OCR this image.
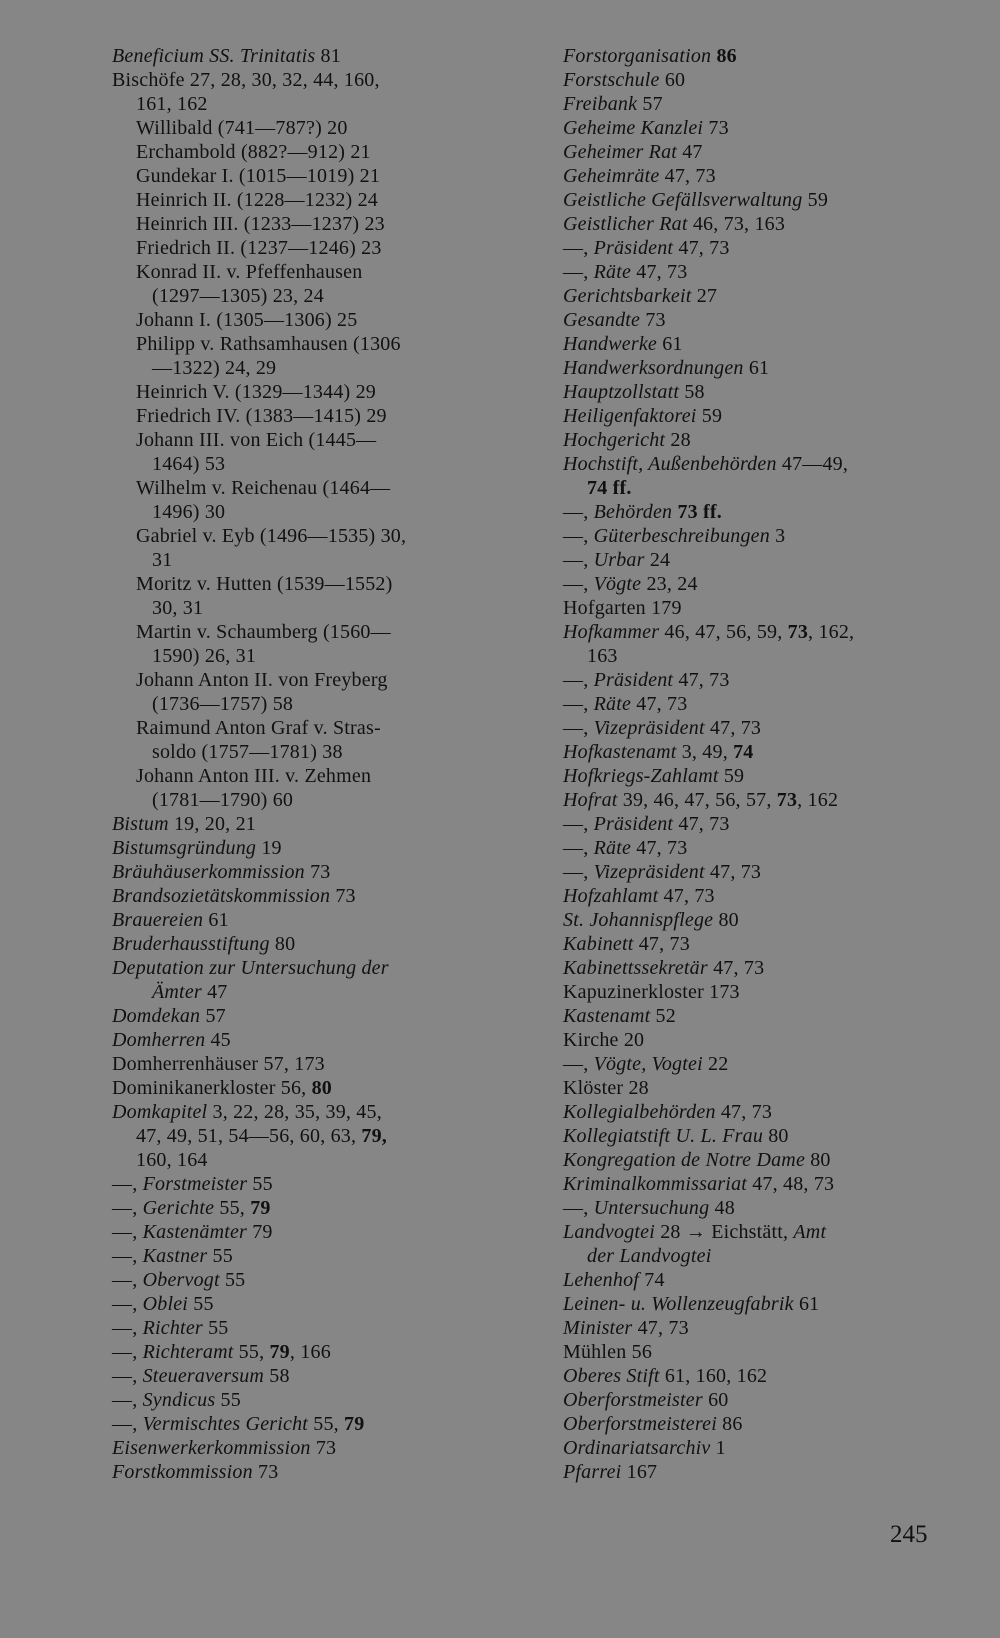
Beneficium SS. Trinitatis 81
Bischöfe 27, 28, 30, 32, 44, 160,
161, 162
Willibald (741—787?) 20
Erchambold (882?—912) 21
Gundekar I. (1015—1019) 21
Heinrich II. (1228—1232) 24
Heinrich III. (1233—1237) 23
Friedrich II. (1237—1246) 23
Konrad II. v. Pfeffenhausen
(1297—1305) 23, 24
Johann I. (1305—1306) 25
Philipp v. Rathsamhausen (1306
—1322) 24, 29
Heinrich V. (1329—1344) 29
Friedrich IV. (1383—1415) 29
Johann III. von Eich (1445—
1464) 53
Wilhelm v. Reichenau (1464—
1496) 30
Gabriel v. Eyb (1496—1535) 30,
31
Moritz v. Hutten (1539—1552)
30, 31
Martin v. Schaumberg (1560—
1590) 26, 31
Johann Anton II. von Freyberg
(1736—1757) 58
Raimund Anton Graf v. Stras-
soldo (1757—1781) 38
Johann Anton III. v. Zehmen
(1781—1790) 60
Bistum 19, 20, 21
Bistumsgründung 19
Bräuhäuserkommission 73
Brandsozietätskommission 73
Brauereien 61
Bruderhausstiftung 80
Deputation zur Untersuchung der
Ämter 47
Domdekan 57
Domherren 45
Domherrenhäuser 57, 173
Dominikanerkloster 56, 80
Domkapitel 3, 22, 28, 35, 39, 45,
47, 49, 51, 54—56, 60, 63, 79,
160, 164
—, Forstmeister 55
—, Gerichte 55, 79
—, Kastenämter 79
—, Kastner 55
—, Obervogt 55
—, Oblei 55
—, Richter 55
—, Richteramt 55, 79, 166
—, Steueraversum 58
—, Syndicus 55
—, Vermischtes Gericht 55, 79
Eisenwerkerkommission 73
Forstkommission 73
Forstorganisation 86
Forstschule 60
Freibank 57
Geheime Kanzlei 73
Geheimer Rat 47
Geheimräte 47, 73
Geistliche Gefällsverwaltung 59
Geistlicher Rat 46, 73, 163
—, Präsident 47, 73
—, Räte 47, 73
Gerichtsbarkeit 27
Gesandte 73
Handwerke 61
Handwerksordnungen 61
Hauptzollstatt 58
Heiligenfaktorei 59
Hochgericht 28
Hochstift, Außenbehörden 47—49,
74 ff.
—, Behörden 73 ff.
—, Güterbeschreibungen 3
—, Urbar 24
—, Vögte 23, 24
Hofgarten 179
Hofkammer 46, 47, 56, 59, 73, 162,
163
—, Präsident 47, 73
—, Räte 47, 73
—, Vizepräsident 47, 73
Hofkastenamt 3, 49, 74
Hofkriegs-Zahlamt 59
Hofrat 39, 46, 47, 56, 57, 73, 162
—, Präsident 47, 73
—, Räte 47, 73
—, Vizepräsident 47, 73
Hofzahlamt 47, 73
St. Johannispflege 80
Kabinett 47, 73
Kabinettssekretär 47, 73
Kapuzinerkloster 173
Kastenamt 52
Kirche 20
—, Vögte, Vogtei 22
Klöster 28
Kollegialbehörden 47, 73
Kollegiatstift U. L. Frau 80
Kongregation de Notre Dame 80
Kriminalkommissariat 47, 48, 73
—, Untersuchung 48
Landvogtei 28 → Eichstätt, Amt
der Landvogtei
Lehenhof 74
Leinen- u. Wollenzeugfabrik 61
Minister 47, 73
Mühlen 56
Oberes Stift 61, 160, 162
Oberforstmeister 60
Oberforstmeisterei 86
Ordinariatsarchiv 1
Pfarrei 167
245
